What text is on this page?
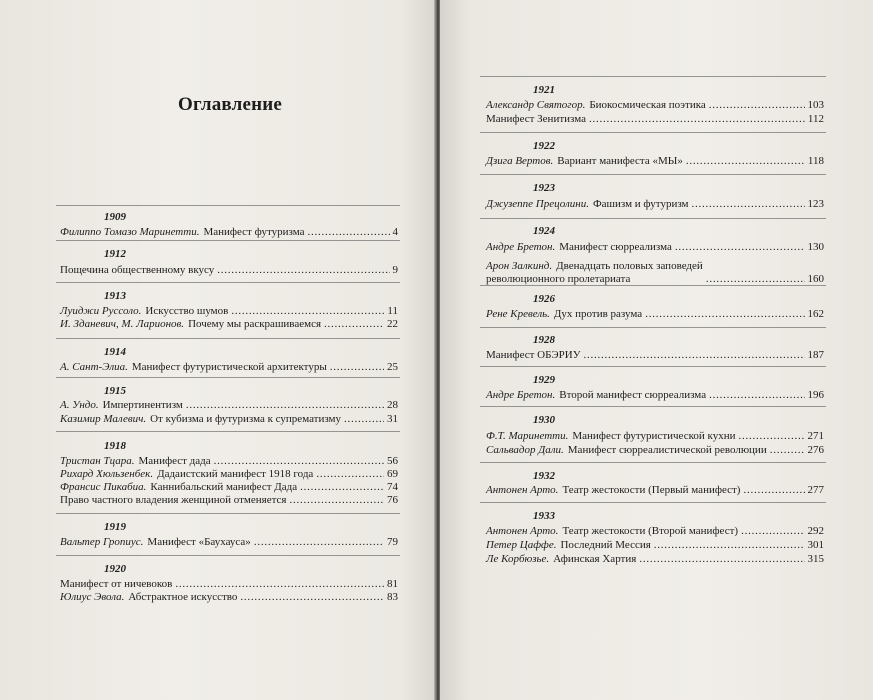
Оглавление
1909
Филиппо Томазо Маринетти. Манифест футуризма . . .	4
1912
Пощечина общественному вкусу . . .	9
1913
Луиджи Руссоло. Искусство шумов . . .	11
И. Зданевич, М. Ларионов. Почему мы раскрашиваемся . . .	22
1914
А. Сант-Элиа. Манифест футуристической архитектуры . . .	25
1915
А. Ундо. Импертинентизм . . .	28
Казимир Малевич. От кубизма и футуризма к супрематизму . . .	31
1918
Тристан Тцара. Манифест дада . . .	56
Рихард Хюльзенбек. Дадаистский манифест 1918 года . . .	69
Франсис Пикабиа. Каннибальский манифест Дада . . .	74
Право частного владения женщиной отменяется . . .	76
1919
Вальтер Гропиус. Манифест «Баухауса» . . .	79
1920
Манифест от ничевоков . . .	81
Юлиус Эвола. Абстрактное искусство . . .	83
1921
Александр Святогор. Биокосмическая поэтика . . .	103
Манифест Зенитизма . . .	112
1922
Дзига Вертов. Вариант манифеста «МЫ» . . .	118
1923
Джузеппе Прецолини. Фашизм и футуризм . . .	123
1924
Андре Бретон. Манифест сюрреализма . . .	130
Арон Залкинд. Двенадцать половых заповедей
революционного пролетариата . . .	160
1926
Рене Кревель. Дух против разума . . .	162
1928
Манифест ОБЭРИУ . . .	187
1929
Андре Бретон. Второй манифест сюрреализма . . .	196
1930
Ф.Т. Маринетти. Манифест футуристической кухни . . .	271
Сальвадор Дали. Манифест сюрреалистической революции . . .	276
1932
Антонен Арто. Театр жестокости (Первый манифест) . . .	277
1933
Антонен Арто. Театр жестокости (Второй манифест) . . .	292
Петер Цаффе. Последний Мессия . . .	301
Ле Корбюзье. Афинская Хартия . . .	315
